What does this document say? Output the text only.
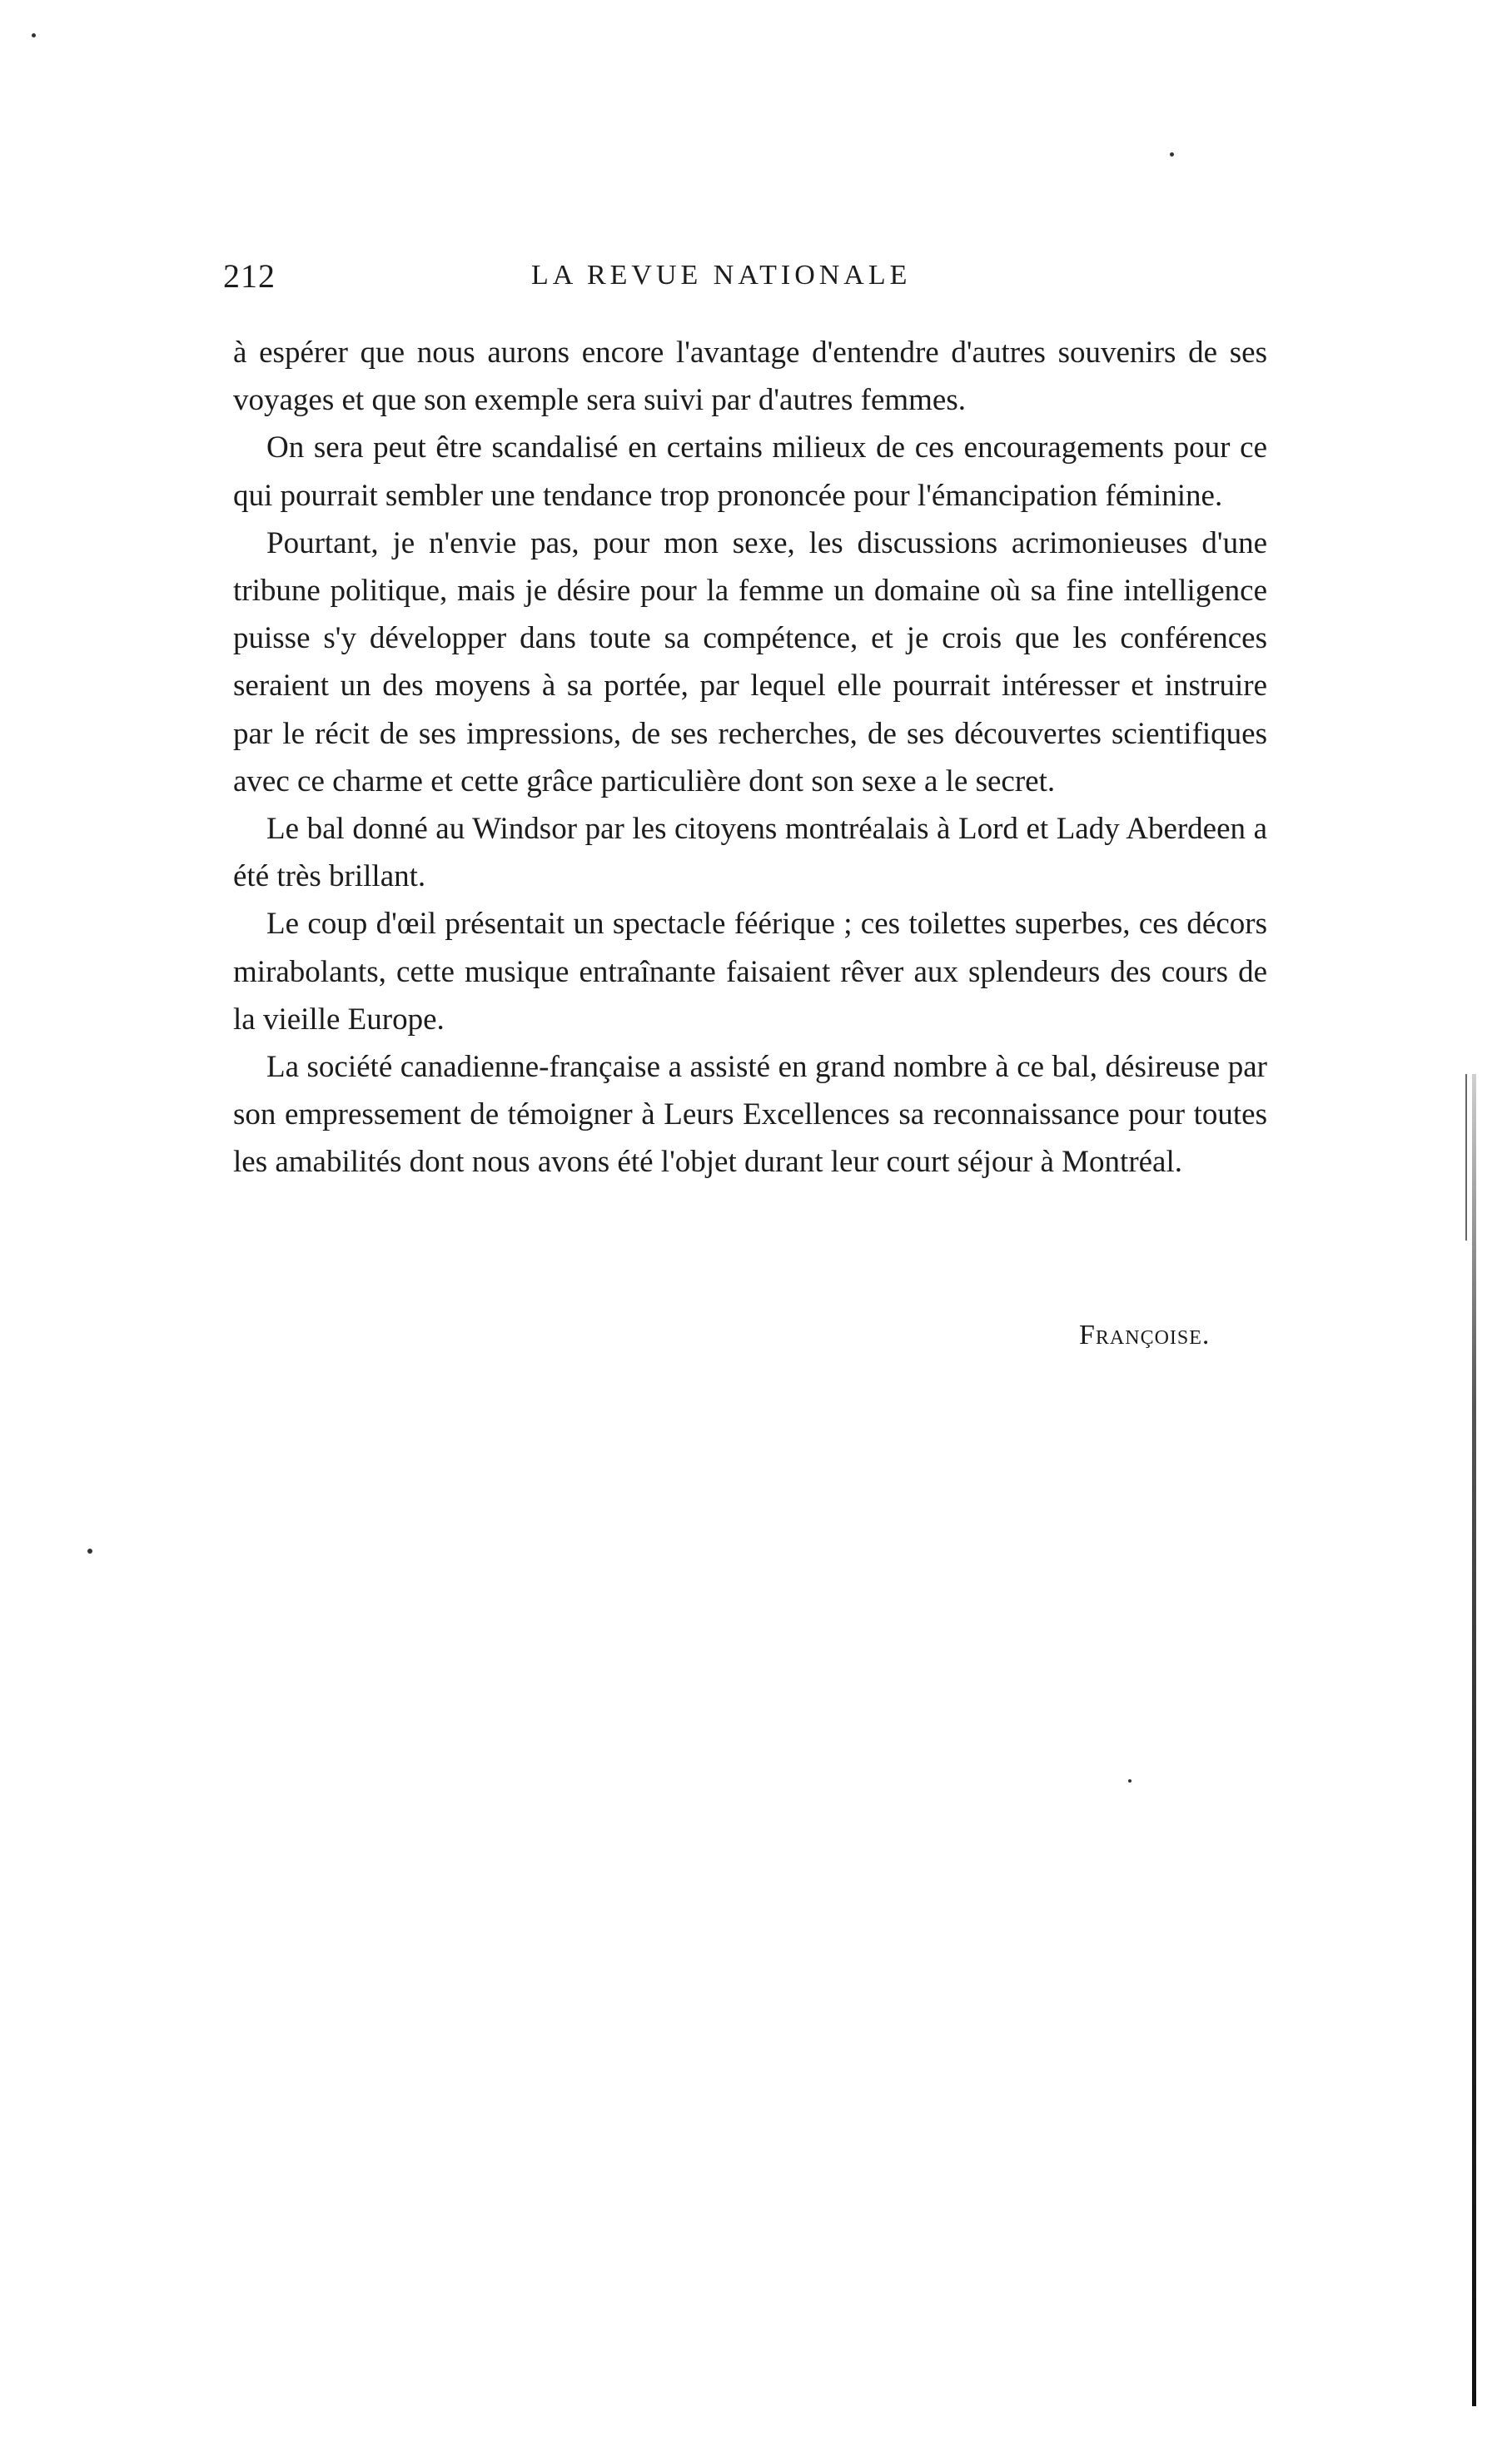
212	LA REVUE NATIONALE

à espérer que nous aurons encore l'avantage d'entendre d'autres souvenirs de ses voyages et que son exemple sera suivi par d'autres femmes.

On sera peut être scandalisé en certains milieux de ces encouragements pour ce qui pourrait sembler une tendance trop prononcée pour l'émancipation féminine.

Pourtant, je n'envie pas, pour mon sexe, les discussions acrimonieuses d'une tribune politique, mais je désire pour la femme un domaine où sa fine intelligence puisse s'y développer dans toute sa compétence, et je crois que les conférences seraient un des moyens à sa portée, par lequel elle pourrait intéresser et instruire par le récit de ses impressions, de ses recherches, de ses découvertes scientifiques avec ce charme et cette grâce particulière dont son sexe a le secret.

Le bal donné au Windsor par les citoyens montréalais à Lord et Lady Aberdeen a été très brillant.

Le coup d'œil présentait un spectacle féérique ; ces toilettes superbes, ces décors mirabolants, cette musique entraînante faisaient rêver aux splendeurs des cours de la vieille Europe.

La société canadienne-française a assisté en grand nombre à ce bal, désireuse par son empressement de témoigner à Leurs Excellences sa reconnaissance pour toutes les amabilités dont nous avons été l'objet durant leur court séjour à Montréal.

Françoise.
